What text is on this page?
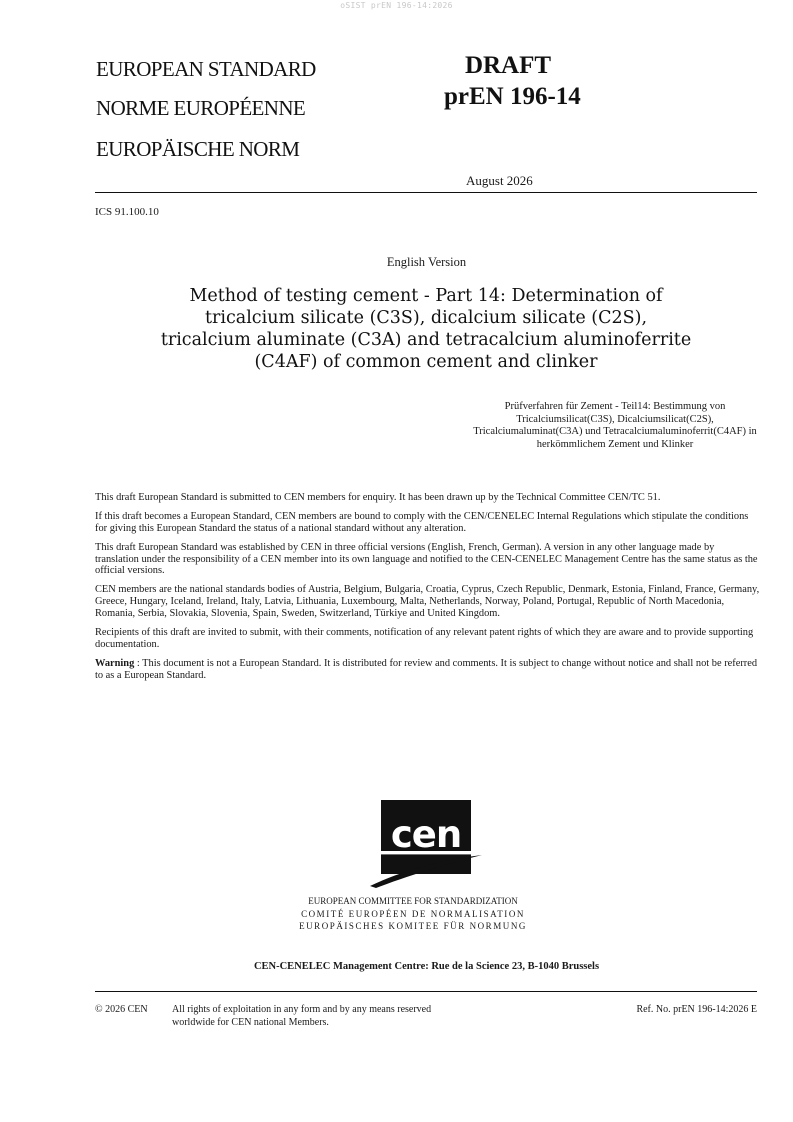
oSIST prEN 196-14:2026
EUROPEAN STANDARD
NORME EUROPÉENNE
EUROPÄISCHE NORM
DRAFT
prEN 196-14
August 2026
ICS 91.100.10
English Version
Method of testing cement - Part 14: Determination of tricalcium silicate (C3S), dicalcium silicate (C2S), tricalcium aluminate (C3A) and tetracalcium aluminoferrite (C4AF) of common cement and clinker
Prüfverfahren für Zement - Teil14: Bestimmung von Tricalciumsilicat(C3S), Dicalciumsilicat(C2S), Tricalciumaluminat(C3A) und Tetracalciumaluminoferrit(C4AF) in herkömmlichem Zement und Klinker

This draft European Standard is submitted to CEN members for enquiry. It has been drawn up by the Technical Committee CEN/TC 51.

If this draft becomes a European Standard, CEN members are bound to comply with the CEN/CENELEC Internal Regulations which stipulate the conditions for giving this European Standard the status of a national standard without any alteration.

This draft European Standard was established by CEN in three official versions (English, French, German). A version in any other language made by translation under the responsibility of a CEN member into its own language and notified to the CEN-CENELEC Management Centre has the same status as the official versions.

CEN members are the national standards bodies of Austria, Belgium, Bulgaria, Croatia, Cyprus, Czech Republic, Denmark, Estonia, Finland, France, Germany, Greece, Hungary, Iceland, Ireland, Italy, Latvia, Lithuania, Luxembourg, Malta, Netherlands, Norway, Poland, Portugal, Republic of North Macedonia, Romania, Serbia, Slovakia, Slovenia, Spain, Sweden, Switzerland, Türkiye and United Kingdom.

Recipients of this draft are invited to submit, with their comments, notification of any relevant patent rights of which they are aware and to provide supporting documentation.

Warning : This document is not a European Standard. It is distributed for review and comments. It is subject to change without notice and shall not be referred to as a European Standard.

cen
EUROPEAN COMMITTEE FOR STANDARDIZATION
COMITÉ EUROPÉEN DE NORMALISATION
EUROPÄISCHES KOMITEE FÜR NORMUNG
CEN-CENELEC Management Centre: Rue de la Science 23, B-1040 Brussels
© 2026 CEN All rights of exploitation in any form and by any means reserved
worldwide for CEN national Members.
Ref. No. prEN 196-14:2026 E
